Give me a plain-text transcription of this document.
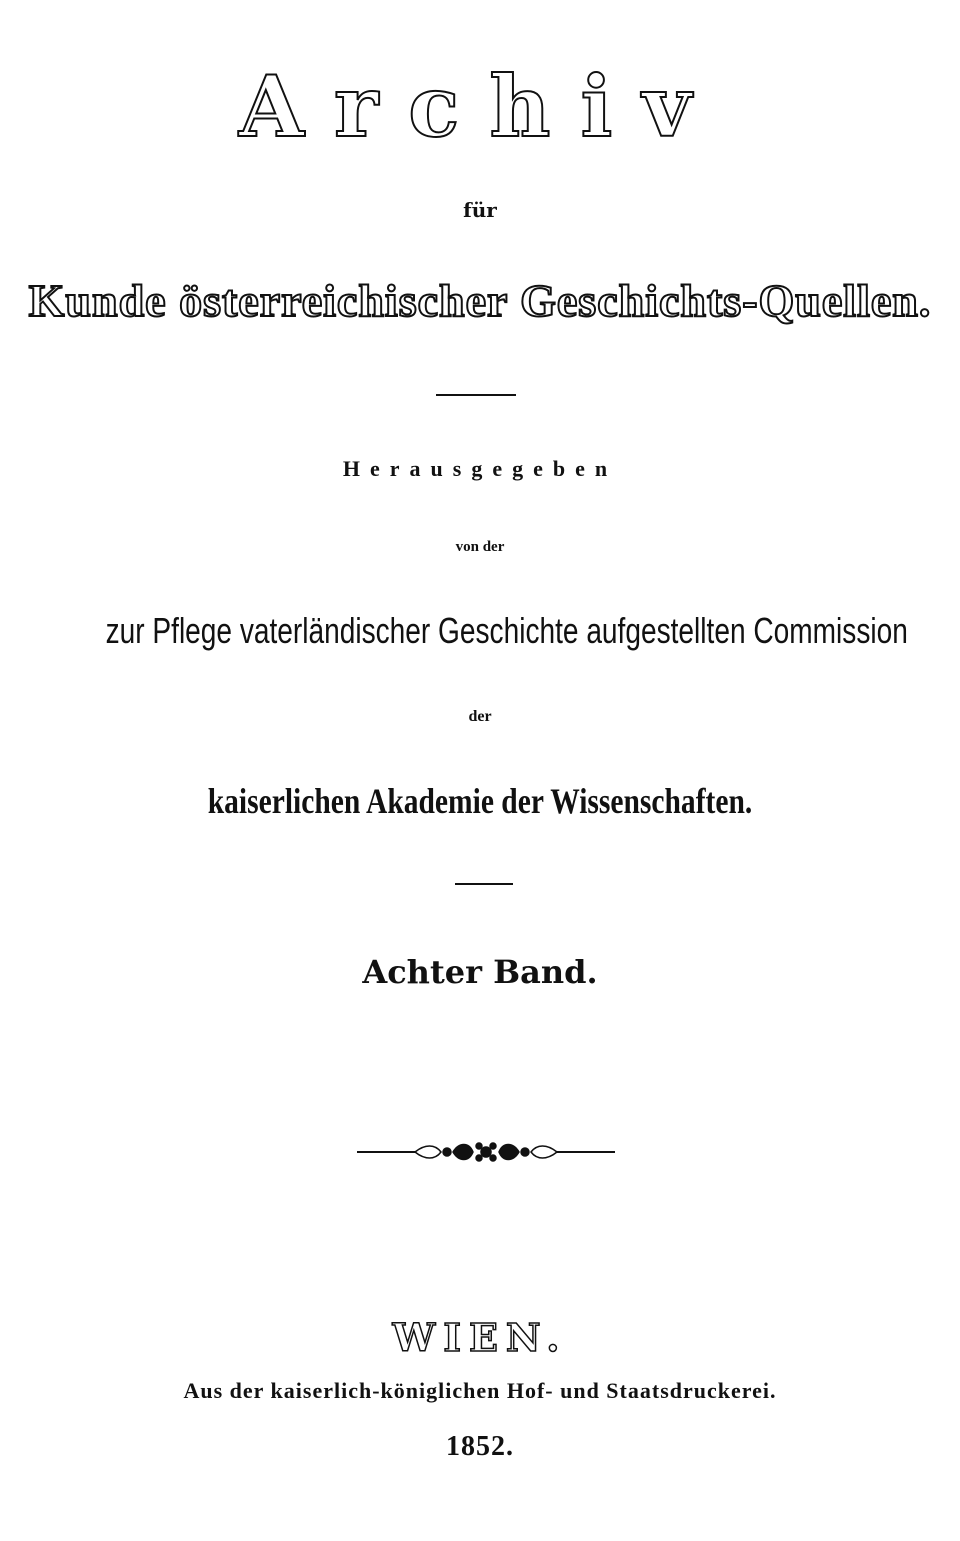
Archiv
für
Kunde österreichischer Geschichts-Quellen.
Herausgegeben
von der
zur Pflege vaterländischer Geschichte aufgestellten Commission
der
kaiserlichen Akademie der Wissenschaften.
Achter Band.
WIEN.
Aus der kaiserlich-königlichen Hof- und Staatsdruckerei.
1852.
